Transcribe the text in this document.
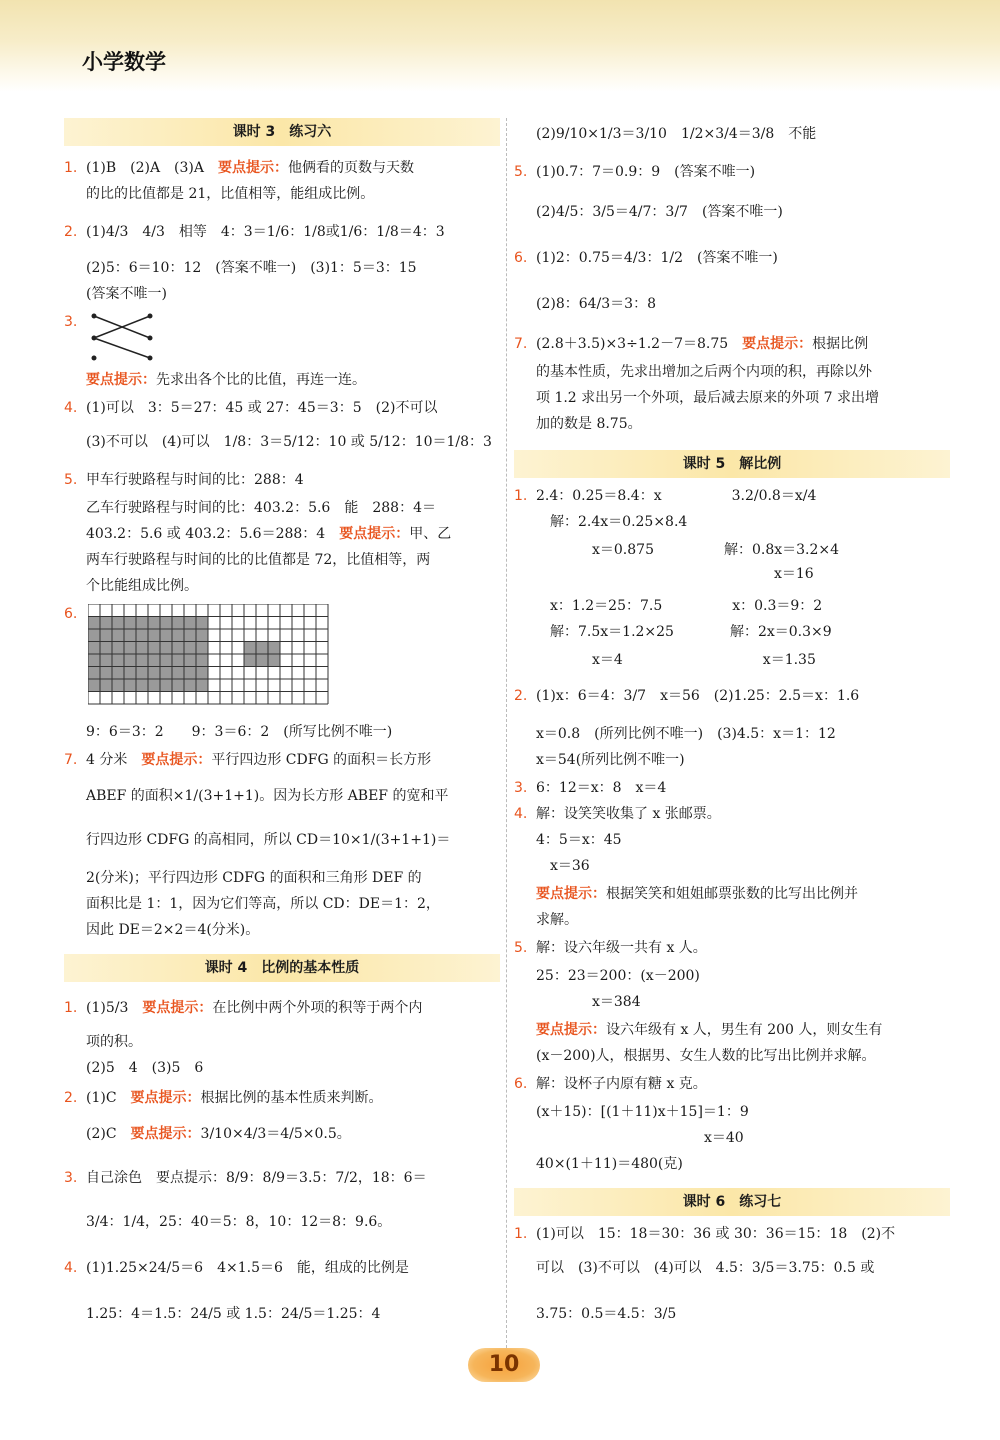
小学数学
课时 3　练习六
1. (1)B　(2)A　(3)A　要点提示：他俩看的页数与天数
的比的比值都是 21，比值相等，能组成比例。
2. (1)4/3　4/3　相等　4：3＝1/6：1/8或1/6：1/8＝4：3
(2)5：6＝10：12　(答案不唯一)　(3)1：5＝3：15
(答案不唯一)
3.
要点提示：先求出各个比的比值，再连一连。
4. (1)可以　3：5＝27：45 或 27：45＝3：5　(2)不可以
(3)不可以　(4)可以　1/8：3＝5/12：10 或 5/12：10＝1/8：3
5. 甲车行驶路程与时间的比：288：4
乙车行驶路程与时间的比：403.2：5.6　能　288：4＝
403.2：5.6 或 403.2：5.6＝288：4　要点提示：甲、乙
两车行驶路程与时间的比的比值都是 72，比值相等，两
个比能组成比例。
6.
9：6＝3：2　　9：3＝6：2　(所写比例不唯一)
7. 4 分米　要点提示：平行四边形 CDFG 的面积＝长方形
ABEF 的面积×1/(3+1+1)。因为长方形 ABEF 的宽和平
行四边形 CDFG 的高相同，所以 CD＝10×1/(3+1+1)＝
2(分米)；平行四边形 CDFG 的面积和三角形 DEF 的
面积比是 1：1，因为它们等高，所以 CD：DE＝1：2，
因此 DE＝2×2＝4(分米)。
课时 4　比例的基本性质
1. (1)5/3　要点提示：在比例中两个外项的积等于两个内
项的积。
(2)5　4　(3)5　6
2. (1)C　要点提示：根据比例的基本性质来判断。
(2)C　要点提示：3/10×4/3＝4/5×0.5。
3. 自己涂色　要点提示：8/9：8/9＝3.5：7/2，18：6＝
3/4：1/4，25：40＝5：8，10：12＝8：9.6。
4. (1)1.25×24/5＝6　4×1.5＝6　能，组成的比例是
1.25：4＝1.5：24/5 或 1.5：24/5＝1.25：4
(2)9/10×1/3＝3/10　1/2×3/4＝3/8　不能
5. (1)0.7：7＝0.9：9　(答案不唯一)
(2)4/5：3/5＝4/7：3/7　(答案不唯一)
6. (1)2：0.75＝4/3：1/2　(答案不唯一)
(2)8：64/3＝3：8
7. (2.8＋3.5)×3÷1.2－7＝8.75　要点提示：根据比例
的基本性质，先求出增加之后两个内项的积，再除以外
项 1.2 求出另一个外项，最后减去原来的外项 7 求出增
加的数是 8.75。
课时 5　解比例
1. 2.4：0.25＝8.4：x　　　　　3.2/0.8＝x/4
　解：2.4x＝0.25×8.4
　　　　x＝0.875　　　　　解：0.8x＝3.2×4
　　　　　　　　　　　　　　　　　x＝16
　x：1.2＝25：7.5　　　　　x：0.3＝9：2
　解：7.5x＝1.2×25　　　　解：2x＝0.3×9
　　　　x＝4　　　　　　　　　　x＝1.35
2. (1)x：6＝4：3/7　x＝56　(2)1.25：2.5＝x：1.6
x＝0.8　(所列比例不唯一)　(3)4.5：x＝1：12
x＝54(所列比例不唯一)
3. 6：12＝x：8　x＝4
4. 解：设笑笑收集了 x 张邮票。
4：5＝x：45
　x＝36
要点提示：根据笑笑和姐姐邮票张数的比写出比例并
求解。
5. 解：设六年级一共有 x 人。
25：23＝200：(x－200)
　　　　x＝384
要点提示：设六年级有 x 人，男生有 200 人，则女生有
(x－200)人，根据男、女生人数的比写出比例并求解。
6. 解：设杯子内原有糖 x 克。
(x＋15)：[(1＋11)x＋15]＝1：9
　　　　　　　　　　　　x＝40
40×(1＋11)＝480(克)
课时 6　练习七
1. (1)可以　15：18＝30：36 或 30：36＝15：18　(2)不
可以　(3)不可以　(4)可以　4.5：3/5＝3.75：0.5 或
3.75：0.5＝4.5：3/5
10
